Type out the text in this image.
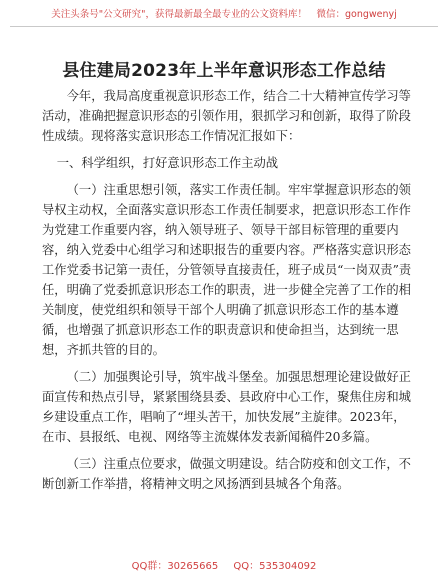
关注头条号"公文研究"，获得最新最全最专业的公文资料库！　微信：gongwenyj
县住建局2023年上半年意识形态工作总结

今年，我局高度重视意识形态工作，结合二十大精神宣传学习等活动，准确把握意识形态的引领作用，狠抓学习和创新，取得了阶段性成绩。现将落实意识形态工作情况汇报如下：

一、科学组织，打好意识形态工作主动战

（一）注重思想引领，落实工作责任制。牢牢掌握意识形态的领导权主动权，全面落实意识形态工作责任制要求，把意识形态工作作为党建工作重要内容，纳入领导班子、领导干部目标管理的重要内容，纳入党委中心组学习和述职报告的重要内容。严格落实意识形态工作党委书记第一责任，分管领导直接责任，班子成员“一岗双责”责任，明确了党委抓意识形态工作的职责，进一步健全完善了工作的相关制度，使党组织和领导干部个人明确了抓意识形态工作的基本遵循，也增强了抓意识形态工作的职责意识和使命担当，达到统一思想，齐抓共管的目的。

（二）加强舆论引导，筑牢战斗堡垒。加强思想理论建设做好正面宣传和热点引导，紧紧围绕县委、县政府中心工作，聚焦住房和城乡建设重点工作，唱响了“埋头苦干，加快发展”主旋律。2023年，在市、县报纸、电视、网络等主流媒体发表新闻稿件20多篇。

（三）注重点位要求，做强文明建设。结合防疫和创文工作，不断创新工作举措，将精神文明之风扬洒到县城各个角落。

QQ群：30265665 QQ：535304092
